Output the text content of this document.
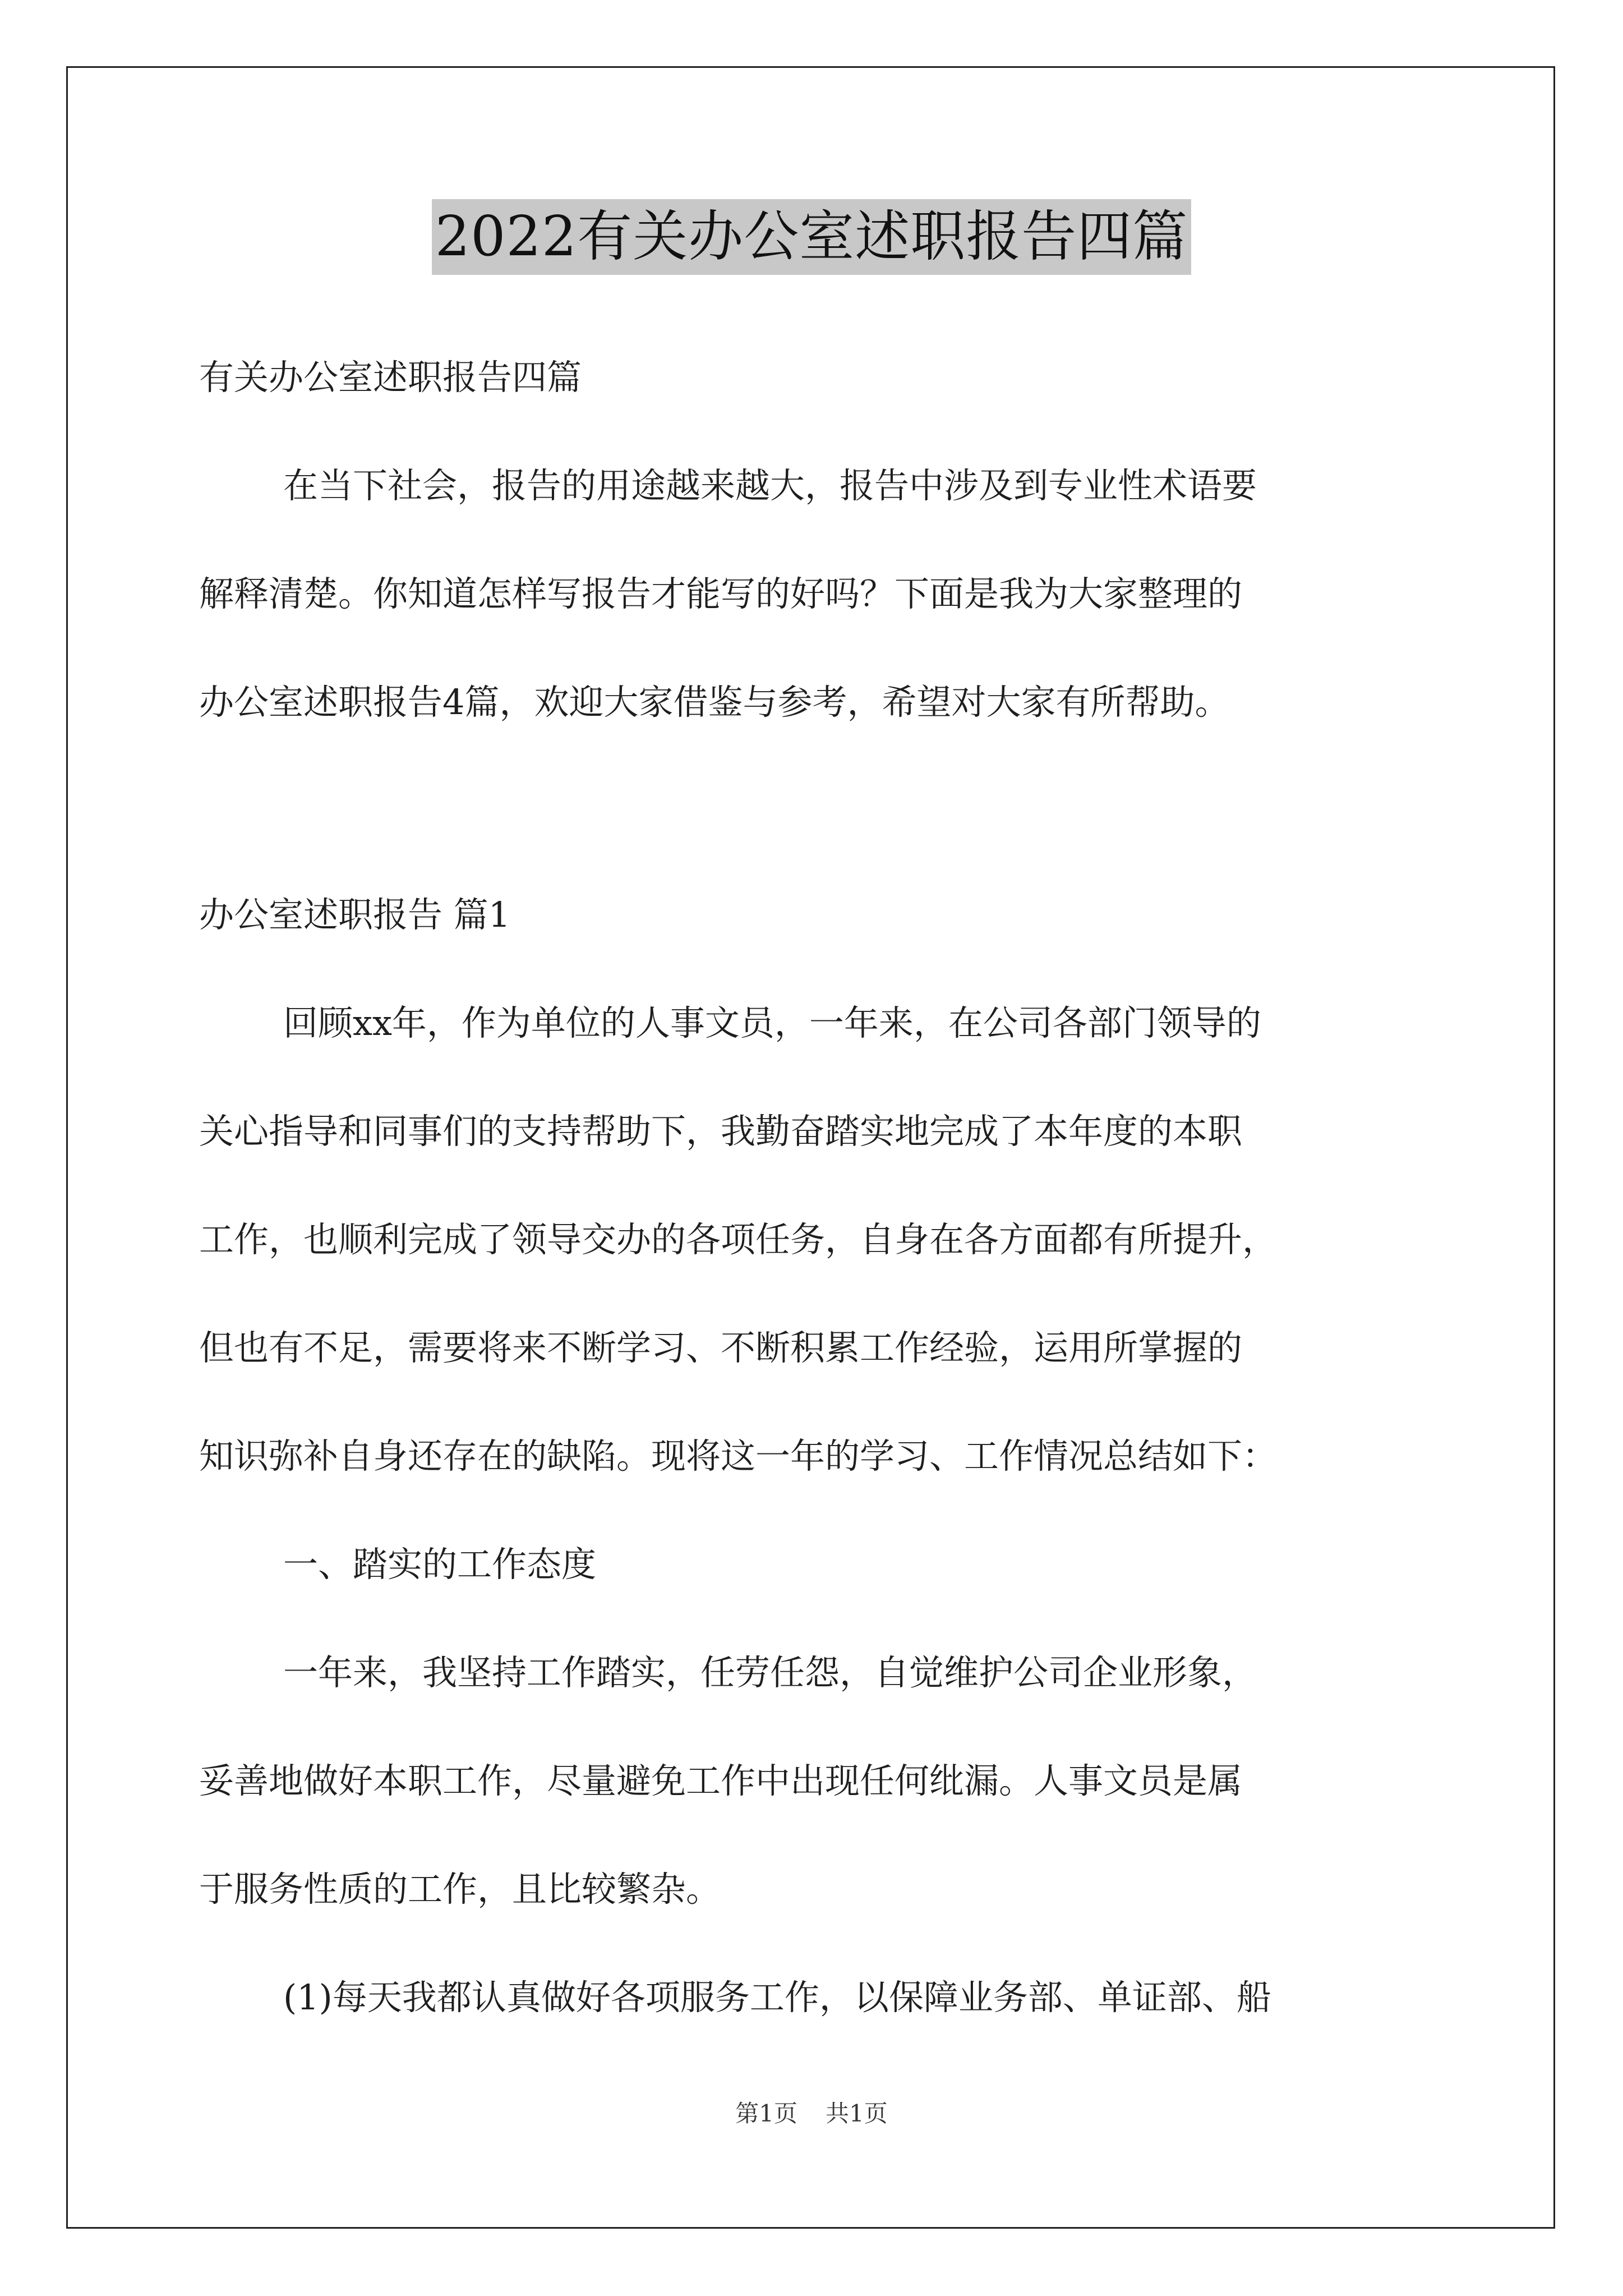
2022有关办公室述职报告四篇
有关办公室述职报告四篇
在当下社会，报告的用途越来越大，报告中涉及到专业性术语要
解释清楚。你知道怎样写报告才能写的好吗？下面是我为大家整理的
办公室述职报告4篇，欢迎大家借鉴与参考，希望对大家有所帮助。
办公室述职报告 篇1
回顾xx年，作为单位的人事文员，一年来，在公司各部门领导的
关心指导和同事们的支持帮助下，我勤奋踏实地完成了本年度的本职
工作，也顺利完成了领导交办的各项任务，自身在各方面都有所提升，
但也有不足，需要将来不断学习、不断积累工作经验，运用所掌握的
知识弥补自身还存在的缺陷。现将这一年的学习、工作情况总结如下：
一、踏实的工作态度
一年来，我坚持工作踏实，任劳任怨，自觉维护公司企业形象，
妥善地做好本职工作，尽量避免工作中出现任何纰漏。人事文员是属
于服务性质的工作，且比较繁杂。
(1)每天我都认真做好各项服务工作，以保障业务部、单证部、船
第1页 共1页
